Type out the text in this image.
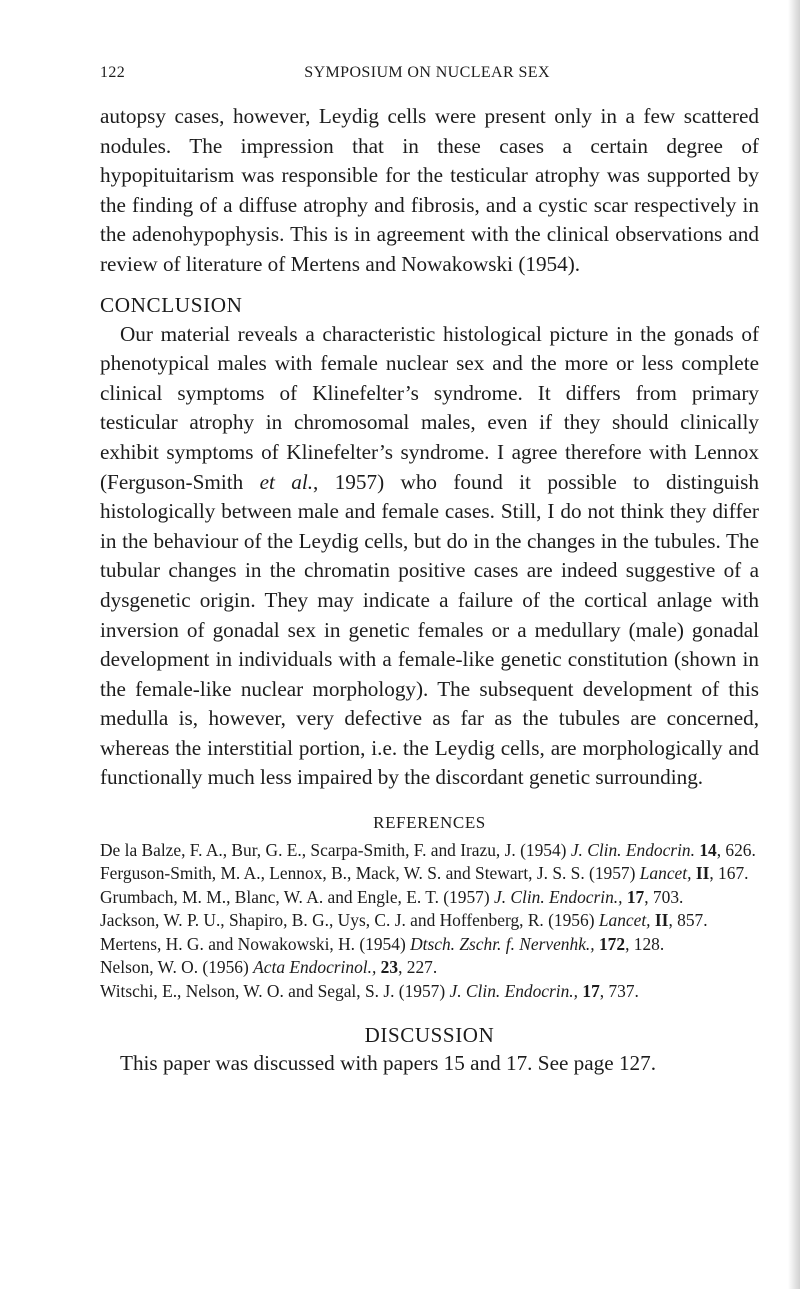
122	SYMPOSIUM ON NUCLEAR SEX

autopsy cases, however, Leydig cells were present only in a few scattered nodules. The impression that in these cases a certain degree of hypopituitarism was responsible for the testicular atrophy was supported by the finding of a diffuse atrophy and fibrosis, and a cystic scar respectively in the adenohypophysis. This is in agreement with the clinical observations and review of literature of Mertens and Nowakowski (1954).

CONCLUSION

Our material reveals a characteristic histological picture in the gonads of phenotypical males with female nuclear sex and the more or less complete clinical symptoms of Klinefelter’s syndrome. It differs from primary testicular atrophy in chromosomal males, even if they should clinically exhibit symptoms of Klinefelter’s syndrome. I agree therefore with Lennox (Ferguson-Smith et al., 1957) who found it possible to distinguish histologically between male and female cases. Still, I do not think they differ in the behaviour of the Leydig cells, but do in the changes in the tubules. The tubular changes in the chromatin positive cases are indeed suggestive of a dysgenetic origin. They may indicate a failure of the cortical anlage with inversion of gonadal sex in genetic females or a medullary (male) gonadal development in individuals with a female-like genetic constitution (shown in the female-like nuclear morphology). The subsequent development of this medulla is, however, very defective as far as the tubules are concerned, whereas the interstitial portion, i.e. the Leydig cells, are morphologically and functionally much less impaired by the discordant genetic surrounding.

REFERENCES
De la Balze, F. A., Bur, G. E., Scarpa-Smith, F. and Irazu, J. (1954) J. Clin. Endocrin. 14, 626.
Ferguson-Smith, M. A., Lennox, B., Mack, W. S. and Stewart, J. S. S. (1957) Lancet, II, 167.
Grumbach, M. M., Blanc, W. A. and Engle, E. T. (1957) J. Clin. Endocrin., 17, 703.
Jackson, W. P. U., Shapiro, B. G., Uys, C. J. and Hoffenberg, R. (1956) Lancet, II, 857.
Mertens, H. G. and Nowakowski, H. (1954) Dtsch. Zschr. f. Nervenhk., 172, 128.
Nelson, W. O. (1956) Acta Endocrinol., 23, 227.
Witschi, E., Nelson, W. O. and Segal, S. J. (1957) J. Clin. Endocrin., 17, 737.
DISCUSSION

This paper was discussed with papers 15 and 17. See page 127.
